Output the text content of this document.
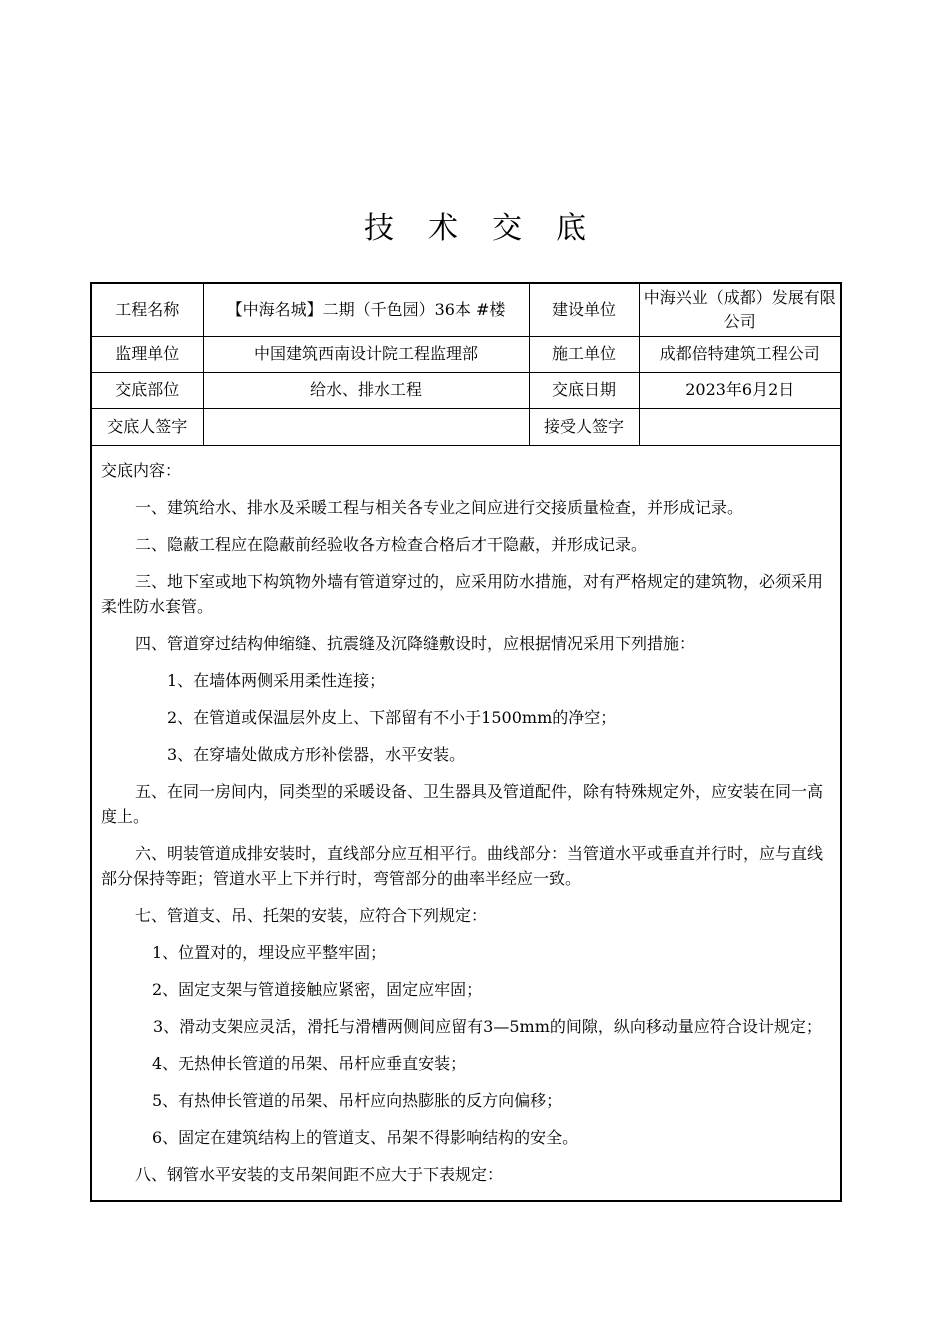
技 术 交 底
工程名称	【中海名城】二期（千色园）36本 #楼	建设单位	中海兴业（成都）发展有限公司
监理单位	中国建筑西南设计院工程监理部	施工单位	成都倍特建筑工程公司
交底部位	给水、排水工程	交底日期	2023年6月2日
交底人签字		接受人签字	

交底内容：

一、建筑给水、排水及采暖工程与相关各专业之间应进行交接质量检查，并形成记录。

二、隐蔽工程应在隐蔽前经验收各方检查合格后才干隐蔽，并形成记录。

三、地下室或地下构筑物外墙有管道穿过的，应采用防水措施，对有严格规定的建筑物，必须采用柔性防水套管。

四、管道穿过结构伸缩缝、抗震缝及沉降缝敷设时，应根据情况采用下列措施：

1、在墙体两侧采用柔性连接；

2、在管道或保温层外皮上、下部留有不小于1500mm的净空；

3、在穿墙处做成方形补偿器，水平安装。

五、在同一房间内，同类型的采暖设备、卫生器具及管道配件，除有特殊规定外，应安装在同一高度上。

六、明装管道成排安装时，直线部分应互相平行。曲线部分：当管道水平或垂直并行时，应与直线部分保持等距；管道水平上下并行时，弯管部分的曲率半经应一致。

七、管道支、吊、托架的安装，应符合下列规定：

1、位置对的，埋设应平整牢固；

2、固定支架与管道接触应紧密，固定应牢固；

3、滑动支架应灵活，滑托与滑槽两侧间应留有3—5mm的间隙，纵向移动量应符合设计规定；

4、无热伸长管道的吊架、吊杆应垂直安装；

5、有热伸长管道的吊架、吊杆应向热膨胀的反方向偏移；

6、固定在建筑结构上的管道支、吊架不得影响结构的安全。

八、钢管水平安装的支吊架间距不应大于下表规定：
